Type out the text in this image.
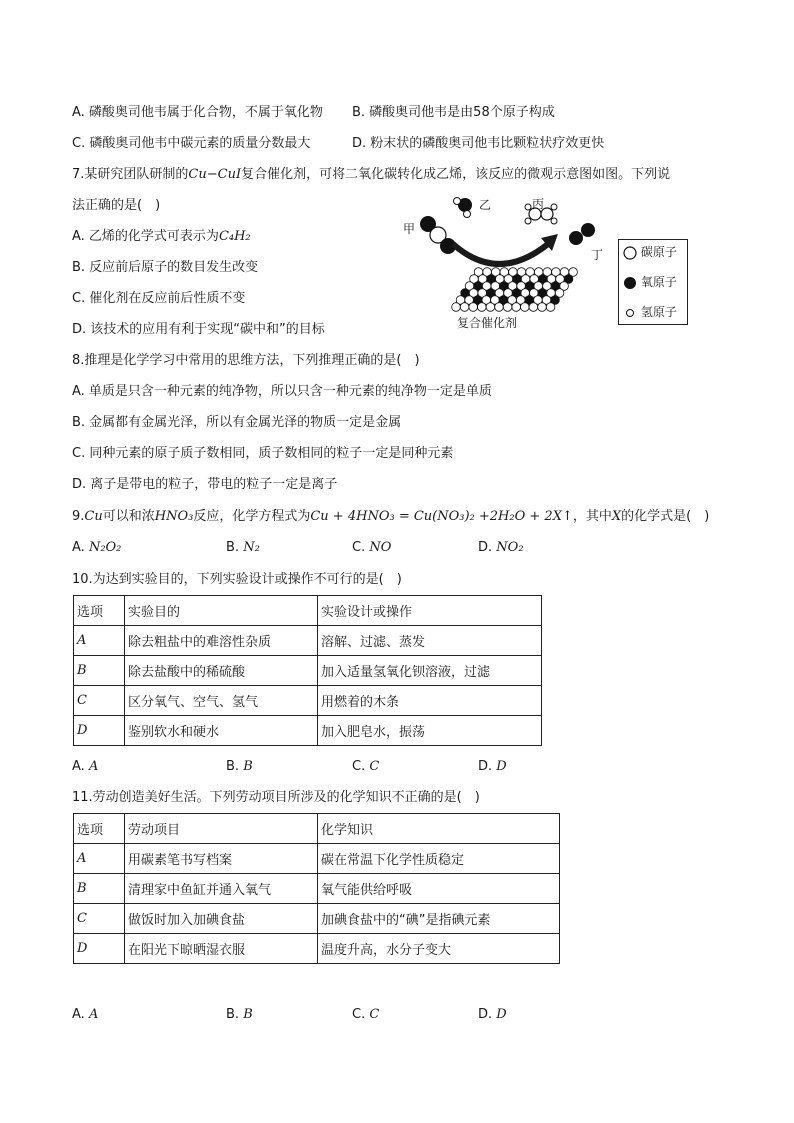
A. 磷酸奥司他韦属于化合物，不属于氧化物 B. 磷酸奥司他韦是由58个原子构成
C. 磷酸奥司他韦中碳元素的质量分数最大	D. 粉末状的磷酸奥司他韦比颗粒状疗效更快
7.某研究团队研制的Cu−CuI复合催化剂，可将二氧化碳转化成乙烯，该反应的微观示意图如图。下列说
法正确的是(　)
A. 乙烯的化学式可表示为C₄H₂
B. 反应前后原子的数目发生改变
C. 催化剂在反应前后性质不变
D. 该技术的应用有利于实现“碳中和”的目标
甲
乙	丙
丁
复合催化剂
碳原子
氧原子
氢原子
8.推理是化学学习中常用的思维方法，下列推理正确的是(　)
A. 单质是只含一种元素的纯净物，所以只含一种元素的纯净物一定是单质
B. 金属都有金属光泽，所以有金属光泽的物质一定是金属
C. 同种元素的原子质子数相同，质子数相同的粒子一定是同种元素
D. 离子是带电的粒子，带电的粒子一定是离子
9.Cu可以和浓HNO₃反应，化学方程式为Cu + 4HNO₃ = Cu(NO₃)₂ +2H₂O + 2X↑，其中X的化学式是(　)
A. N₂O₂	B. N₂	C. NO	D. NO₂
10.为达到实验目的，下列实验设计或操作不可行的是(　)
选项	实验目的	实验设计或操作
A	除去粗盐中的难溶性杂质	溶解、过滤、蒸发
B	除去盐酸中的稀硫酸	加入适量氢氧化钡溶液，过滤
C	区分氧气、空气、氢气	用燃着的木条
D	鉴别软水和硬水	加入肥皂水，振荡
A. A	B. B	C. C	D. D
11.劳动创造美好生活。下列劳动项目所涉及的化学知识不正确的是(　)
选项	劳动项目	化学知识
A	用碳素笔书写档案	碳在常温下化学性质稳定
B	清理家中鱼缸并通入氧气	氧气能供给呼吸
C	做饭时加入加碘食盐	加碘食盐中的“碘”是指碘元素
D	在阳光下晾晒湿衣服	温度升高，水分子变大
A. A	B. B	C. C	D. D
